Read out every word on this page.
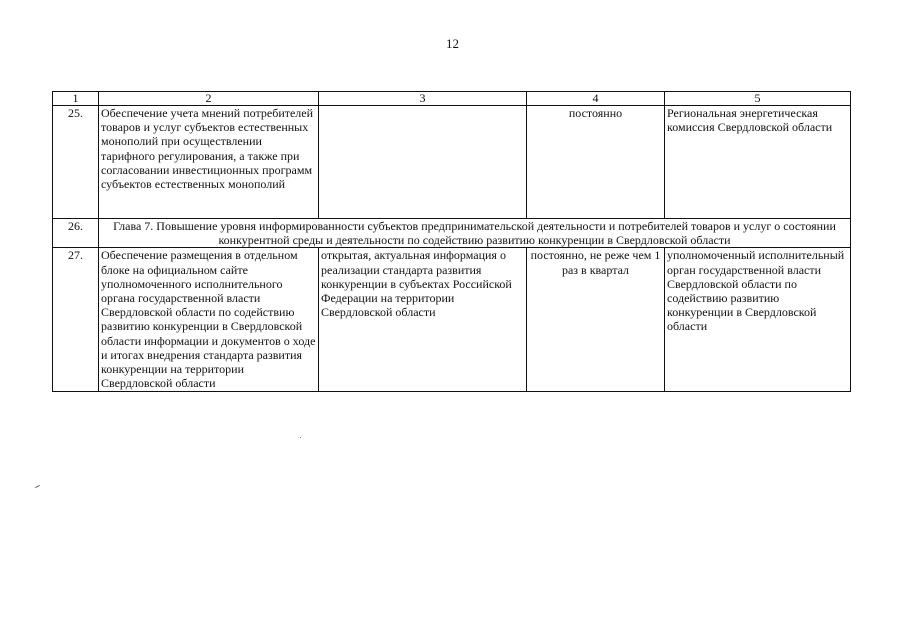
12
1	2	3	4	5
25.	Обеспечение учета мнений потребителей товаров и услуг субъектов естественных монополий при осуществлении тарифного регулирования, а также при согласовании инвестиционных программ субъектов естественных монополий		постоянно	Региональная энергетическая комиссия Свердловской области
26.	Глава 7. Повышение уровня информированности субъектов предпринимательской деятельности и потребителей товаров и услуг о состоянии конкурентной среды и деятельности по содействию развитию конкуренции в Свердловской области			
27.	Обеспечение размещения в отдельном блоке на официальном сайте уполномоченного исполнительного органа государственной власти Свердловской области по содействию развитию конкуренции в Свердловской области информации и документов о ходе и итогах внедрения стандарта развития конкуренции на территории Свердловской области	открытая, актуальная информация о реализации стандарта развития конкуренции в субъектах Российской Федерации на территории Свердловской области	постоянно, не реже чем 1 раз в квартал	уполномоченный исполнительный орган государственной власти Свердловской области по содействию развитию конкуренции в Свердловской области
